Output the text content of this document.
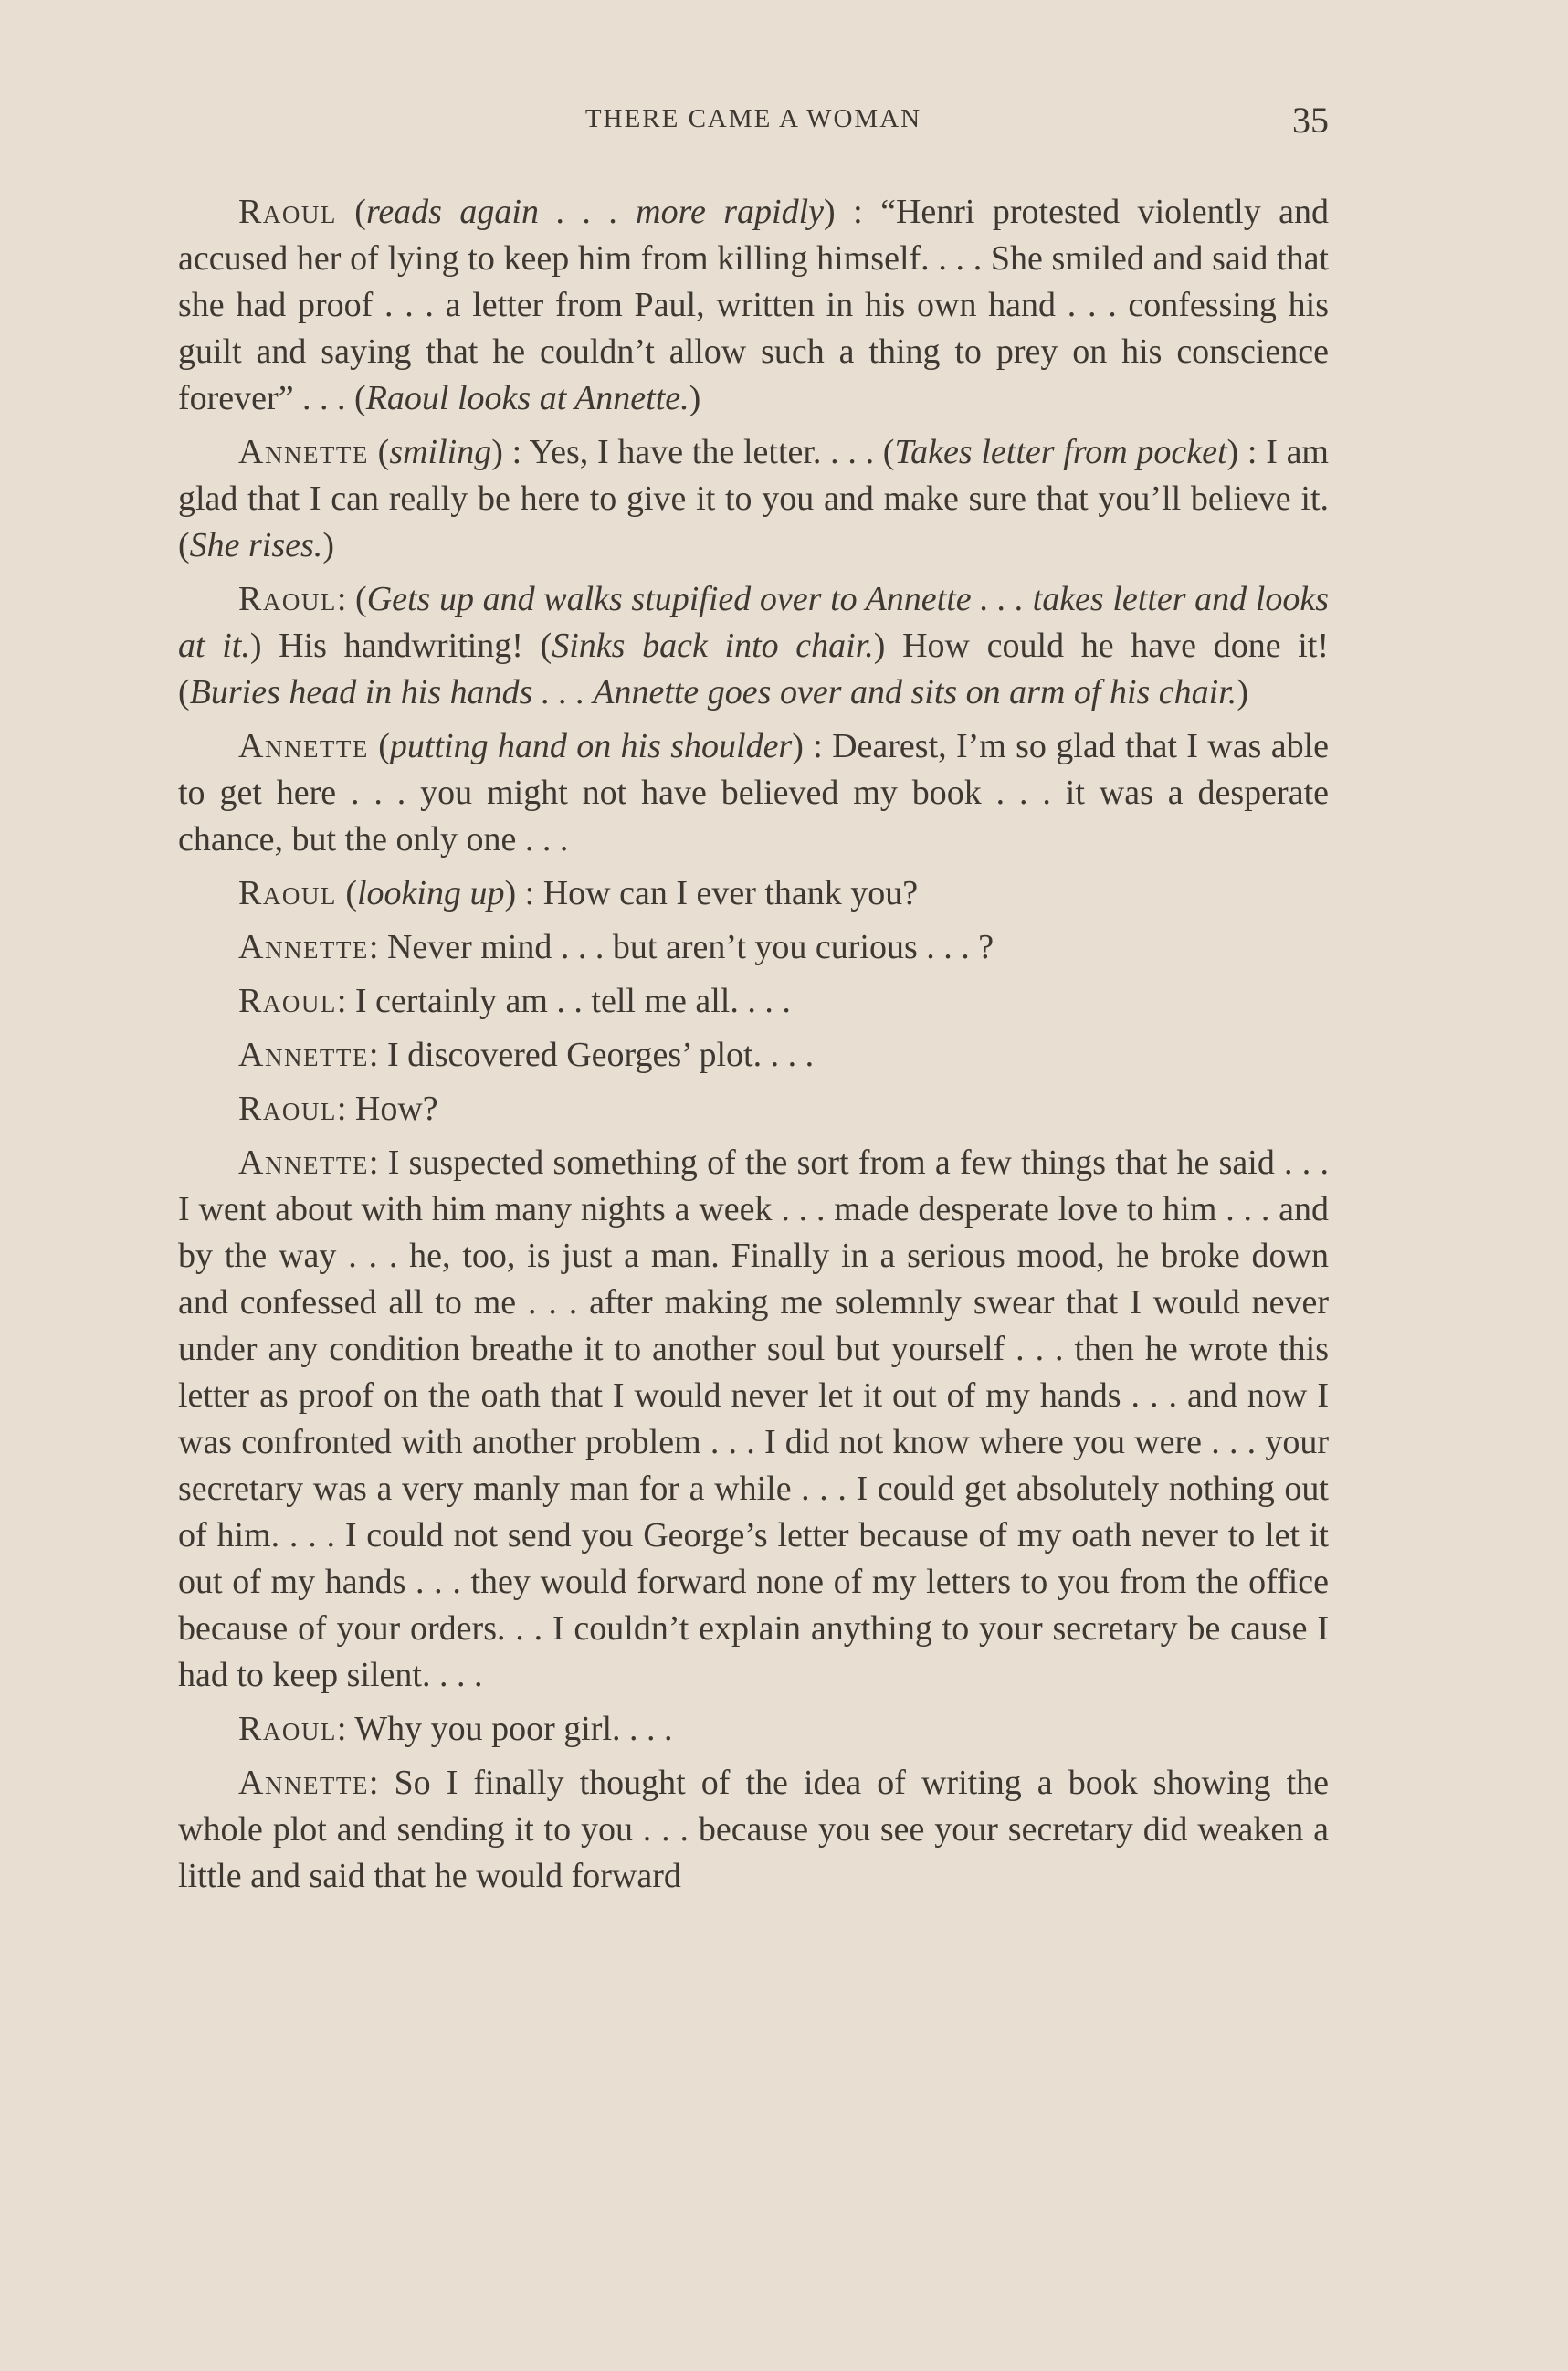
THERE CAME A WOMAN	35

Raoul (reads again . . . more rapidly) : “Henri protested violently and accused her of lying to keep him from killing himself. . . . She smiled and said that she had proof . . . a letter from Paul, written in his own hand . . . confessing his guilt and saying that he couldn’t allow such a thing to prey on his conscience forever” . . . (Raoul looks at Annette.)

Annette (smiling) : Yes, I have the letter. . . . (Takes letter from pocket) : I am glad that I can really be here to give it to you and make sure that you’ll believe it. (She rises.)

Raoul: (Gets up and walks stupified over to Annette . . . takes letter and looks at it.) His handwriting! (Sinks back into chair.) How could he have done it! (Buries head in his hands . . . Annette goes over and sits on arm of his chair.)

Annette (putting hand on his shoulder) : Dearest, I’m so glad that I was able to get here . . . you might not have believed my book . . . it was a desperate chance, but the only one . . .

Raoul (looking up) : How can I ever thank you?

Annette: Never mind . . . but aren’t you curious . . . ?

Raoul: I certainly am . . tell me all. . . .

Annette: I discovered Georges’ plot. . . .

Raoul: How?

Annette: I suspected something of the sort from a few things that he said . . . I went about with him many nights a week . . . made desperate love to him . . . and by the way . . . he, too, is just a man. Finally in a serious mood, he broke down and confessed all to me . . . after making me solemnly swear that I would never under any condition breathe it to another soul but yourself . . . then he wrote this letter as proof on the oath that I would never let it out of my hands . . . and now I was confronted with another problem . . . I did not know where you were . . . your secretary was a very manly man for a while . . . I could get absolutely nothing out of him. . . . I could not send you George’s letter because of my oath never to let it out of my hands . . . they would forward none of my letters to you from the office because of your orders. . . I couldn’t explain anything to your secretary be cause I had to keep silent. . . .

Raoul: Why you poor girl. . . .

Annette: So I finally thought of the idea of writing a book showing the whole plot and sending it to you . . . because you see your secretary did weaken a little and said that he would forward
